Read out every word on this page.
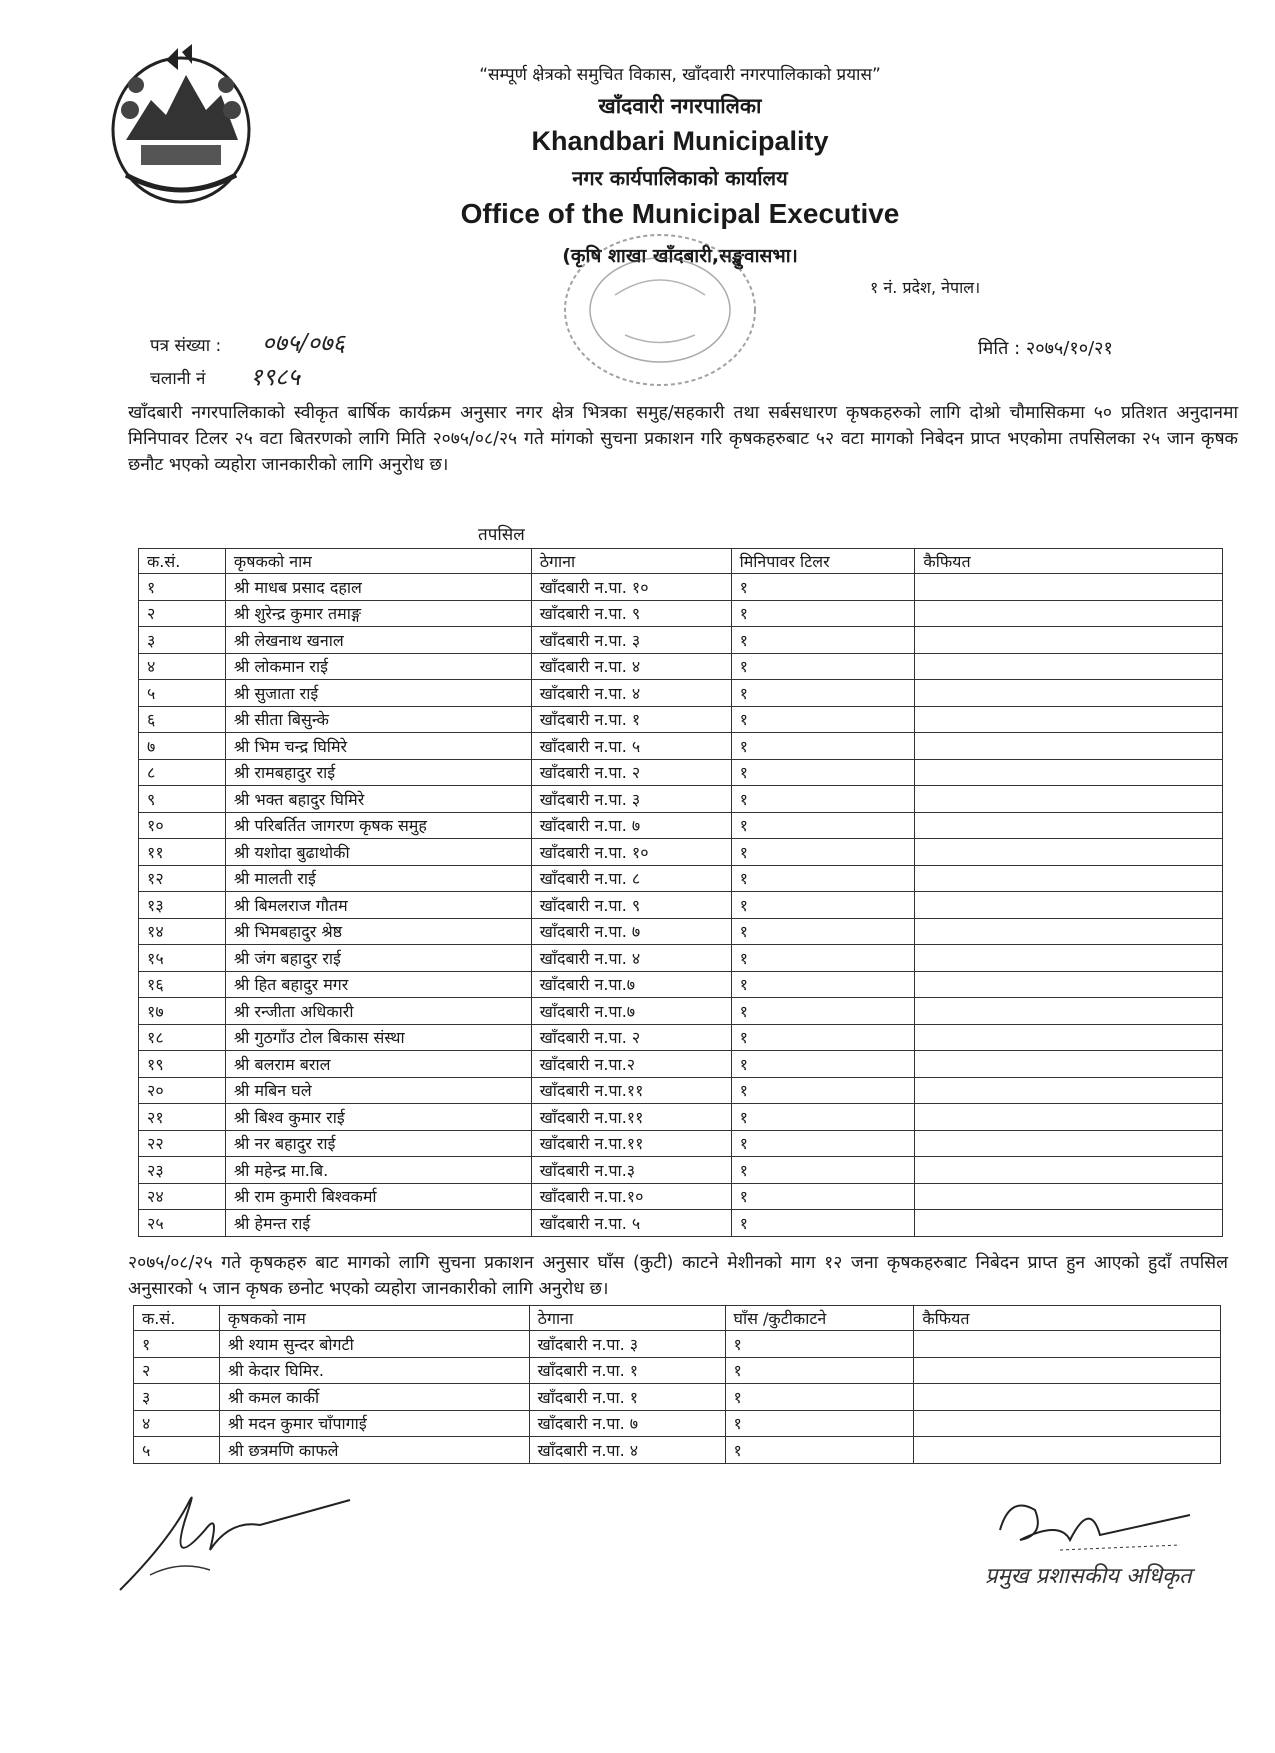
“सम्पूर्ण क्षेत्रको समुचित विकास, खाँदवारी नगरपालिकाको प्रयास”
खाँदवारी नगरपालिका
Khandbari Municipality
नगर कार्यपालिकाको कार्यालय
Office of the Municipal Executive
(कृषि शाखा खाँदबारी,सङ्खुवासभा।
१ नं. प्रदेश, नेपाल।
पत्र संख्या : ०७५/०७६
चलानी नं १९८५
मिति : २०७५/१०/२१
खाँदबारी नगरपालिकाको स्वीकृत बार्षिक कार्यक्रम अनुसार नगर क्षेत्र भित्रका समुह/सहकारी तथा सर्बसधारण कृषकहरुको लागि दोश्रो चौमासिकमा ५० प्रतिशत अनुदानमा मिनिपावर टिलर २५ वटा बितरणको लागि मिति २०७५/०८/२५ गते मांगको सुचना प्रकाशन गरि कृषकहरुबाट ५२ वटा मागको निबेदन प्राप्त भएकोमा तपसिलका २५ जान कृषक छनौट भएको व्यहोरा जानकारीको लागि अनुरोध छ।
तपसिल
क.सं.	कृषकको नाम	ठेगाना	मिनिपावर टिलर	कैफियत
१	श्री माधब प्रसाद दहाल	खाँदबारी न.पा. १०	१	
२	श्री शुरेन्द्र कुमार तमाङ्ग	खाँदबारी न.पा. ९	१	
३	श्री लेखनाथ खनाल	खाँदबारी न.पा. ३	१	
४	श्री लोकमान राई	खाँदबारी न.पा. ४	१	
५	श्री सुजाता राई	खाँदबारी न.पा. ४	१	
६	श्री सीता बिसुन्के	खाँदबारी न.पा. १	१	
७	श्री भिम चन्द्र घिमिरे	खाँदबारी न.पा. ५	१	
८	श्री रामबहादुर राई	खाँदबारी न.पा. २	१	
९	श्री भक्त बहादुर घिमिरे	खाँदबारी न.पा. ३	१	
१०	श्री परिबर्तित जागरण कृषक समुह	खाँदबारी न.पा. ७	१	
११	श्री यशोदा बुढाथोकी	खाँदबारी न.पा. १०	१	
१२	श्री मालती राई	खाँदबारी न.पा. ८	१	
१३	श्री बिमलराज गौतम	खाँदबारी न.पा. ९	१	
१४	श्री भिमबहादुर श्रेष्ठ	खाँदबारी न.पा. ७	१	
१५	श्री जंग बहादुर राई	खाँदबारी न.पा. ४	१	
१६	श्री हित बहादुर मगर	खाँदबारी न.पा.७	१	
१७	श्री रन्जीता अधिकारी	खाँदबारी न.पा.७	१	
१८	श्री गुठगाँउ टोल बिकास संस्था	खाँदबारी न.पा. २	१	
१९	श्री बलराम बराल	खाँदबारी न.पा.२	१	
२०	श्री मबिन घले	खाँदबारी न.पा.११	१	
२१	श्री बिश्व कुमार राई	खाँदबारी न.पा.११	१	
२२	श्री नर बहादुर राई	खाँदबारी न.पा.११	१	
२३	श्री महेन्द्र मा.बि.	खाँदबारी न.पा.३	१	
२४	श्री राम कुमारी बिश्वकर्मा	खाँदबारी न.पा.१०	१	
२५	श्री हेमन्त राई	खाँदबारी न.पा. ५	१	
२०७५/०८/२५ गते कृषकहरु बाट मागको लागि सुचना प्रकाशन अनुसार घाँस (कुटी) काटने मेशीनको माग १२ जना कृषकहरुबाट निबेदन प्राप्त हुन आएको हुदाँ तपसिल अनुसारको ५ जान कृषक छनोट भएको व्यहोरा जानकारीको लागि अनुरोध छ।
क.सं.	कृषकको नाम	ठेगाना	घाँस /कुटीकाटने	कैफियत
१	श्री श्याम सुन्दर बोगटी	खाँदबारी न.पा. ३	१	
२	श्री केदार घिमिर.	खाँदबारी न.पा. १	१	
३	श्री कमल कार्की	खाँदबारी न.पा. १	१	
४	श्री मदन कुमार चाँपागाई	खाँदबारी न.पा. ७	१	
५	श्री छत्रमणि काफले	खाँदबारी न.पा. ४	१	
प्रमुख प्रशासकीय अधिकृत
